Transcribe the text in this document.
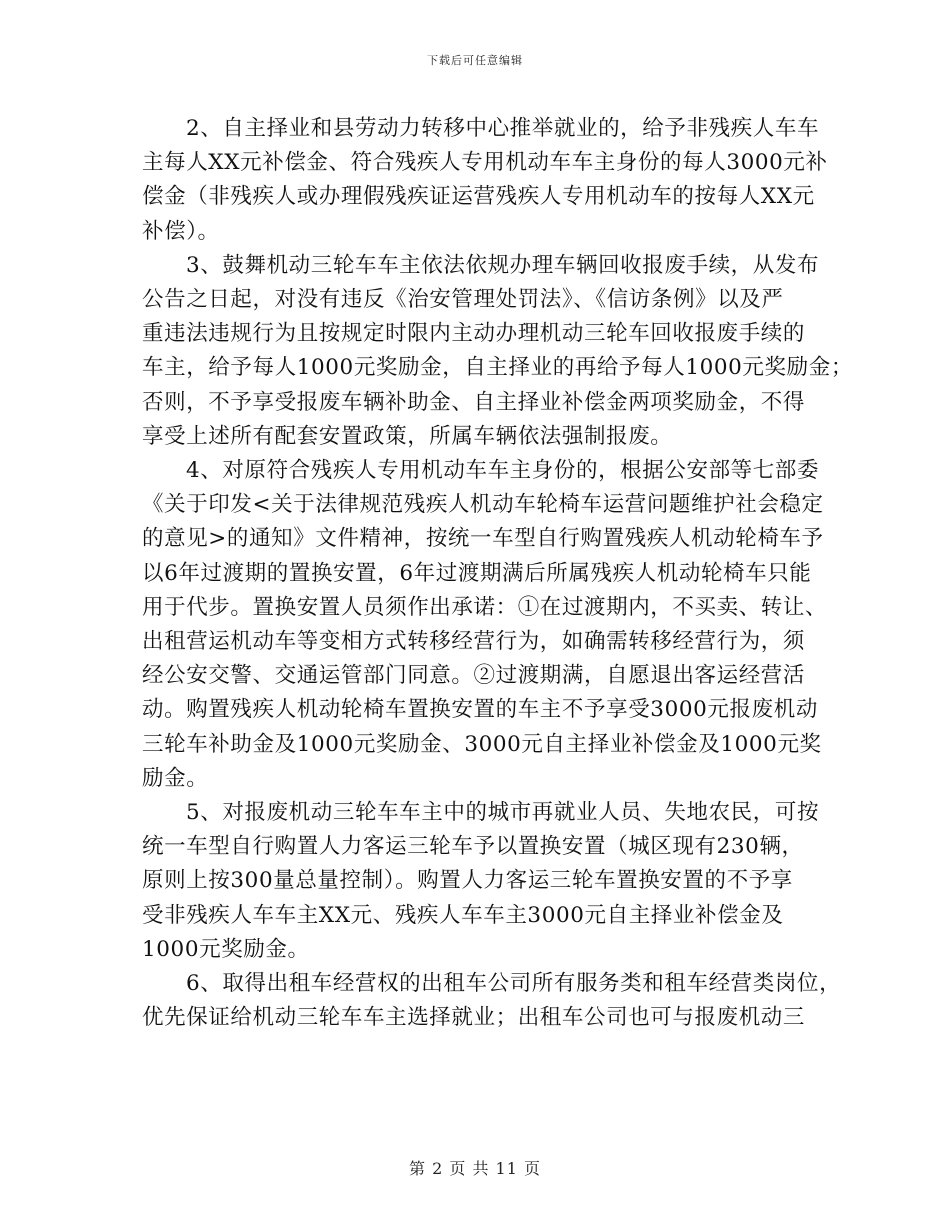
下载后可任意编辑
2、自主择业和县劳动力转移中心推举就业的，给予非残疾人车车
主每人XX元补偿金、符合残疾人专用机动车车主身份的每人3000元补
偿金（非残疾人或办理假残疾证运营残疾人专用机动车的按每人XX元
补偿）。
3、鼓舞机动三轮车车主依法依规办理车辆回收报废手续，从发布
公告之日起，对没有违反《治安管理处罚法》、《信访条例》以及严
重违法违规行为且按规定时限内主动办理机动三轮车回收报废手续的
车主，给予每人1000元奖励金，自主择业的再给予每人1000元奖励金；
否则，不予享受报废车辆补助金、自主择业补偿金两项奖励金，不得
享受上述所有配套安置政策，所属车辆依法强制报废。
4、对原符合残疾人专用机动车车主身份的，根据公安部等七部委
《关于印发<关于法律规范残疾人机动车轮椅车运营问题维护社会稳定
的意见>的通知》文件精神，按统一车型自行购置残疾人机动轮椅车予
以6年过渡期的置换安置，6年过渡期满后所属残疾人机动轮椅车只能
用于代步。置换安置人员须作出承诺：①在过渡期内，不买卖、转让、
出租营运机动车等变相方式转移经营行为，如确需转移经营行为，须
经公安交警、交通运管部门同意。②过渡期满，自愿退出客运经营活
动。购置残疾人机动轮椅车置换安置的车主不予享受3000元报废机动
三轮车补助金及1000元奖励金、3000元自主择业补偿金及1000元奖
励金。
5、对报废机动三轮车车主中的城市再就业人员、失地农民，可按
统一车型自行购置人力客运三轮车予以置换安置（城区现有230辆，
原则上按300量总量控制）。购置人力客运三轮车置换安置的不予享
受非残疾人车车主XX元、残疾人车车主3000元自主择业补偿金及
1000元奖励金。
6、取得出租车经营权的出租车公司所有服务类和租车经营类岗位，
优先保证给机动三轮车车主选择就业；出租车公司也可与报废机动三
第 2 页 共 11 页
